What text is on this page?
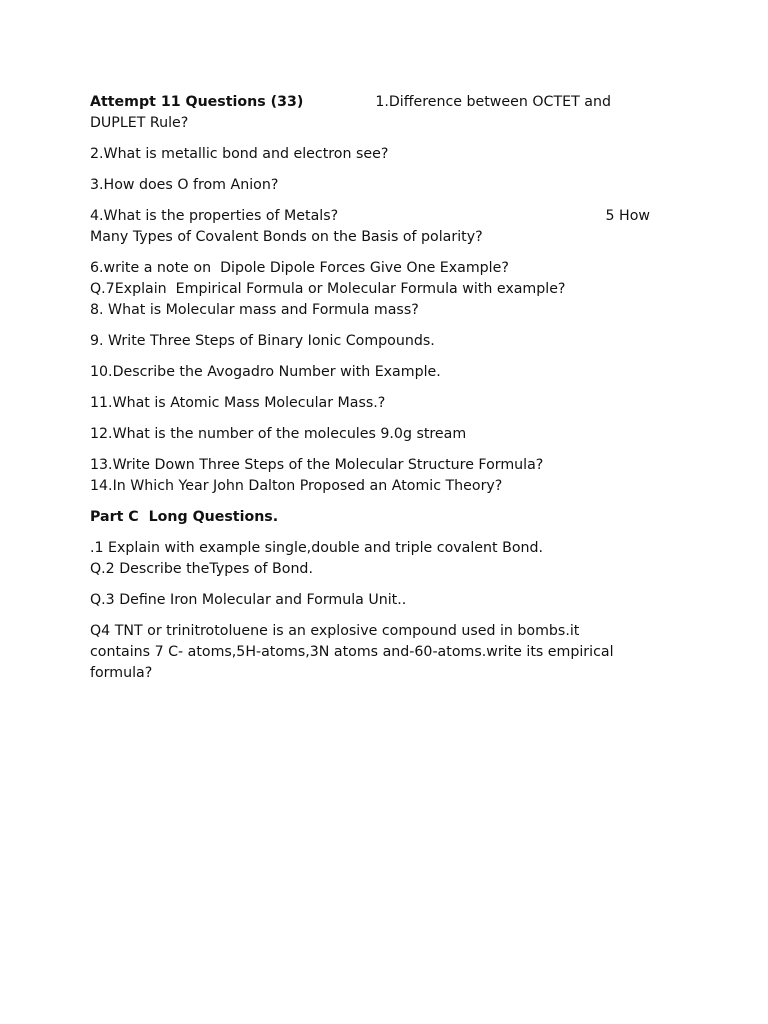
Attempt 11 Questions (33)	1.Difference between OCTET and
DUPLET Rule?
2.What is metallic bond and electron see?
3.How does O from Anion?
4.What is the properties of Metals?	5 How
Many Types of Covalent Bonds on the Basis of polarity?
6.write a note on  Dipole Dipole Forces Give One Example?
Q.7Explain  Empirical Formula or Molecular Formula with example?
8. What is Molecular mass and Formula mass?
9. Write Three Steps of Binary Ionic Compounds.
10.Describe the Avogadro Number with Example.
11.What is Atomic Mass Molecular Mass.?
12.What is the number of the molecules 9.0g stream
13.Write Down Three Steps of the Molecular Structure Formula?
14.In Which Year John Dalton Proposed an Atomic Theory?
Part C  Long Questions.
.1 Explain with example single,double and triple covalent Bond.
Q.2 Describe theTypes of Bond.
Q.3 Define Iron Molecular and Formula Unit..
Q4 TNT or trinitrotoluene is an explosive compound used in bombs.it
contains 7 C- atoms,5H-atoms,3N atoms and-60-atoms.write its empirical
formula?
